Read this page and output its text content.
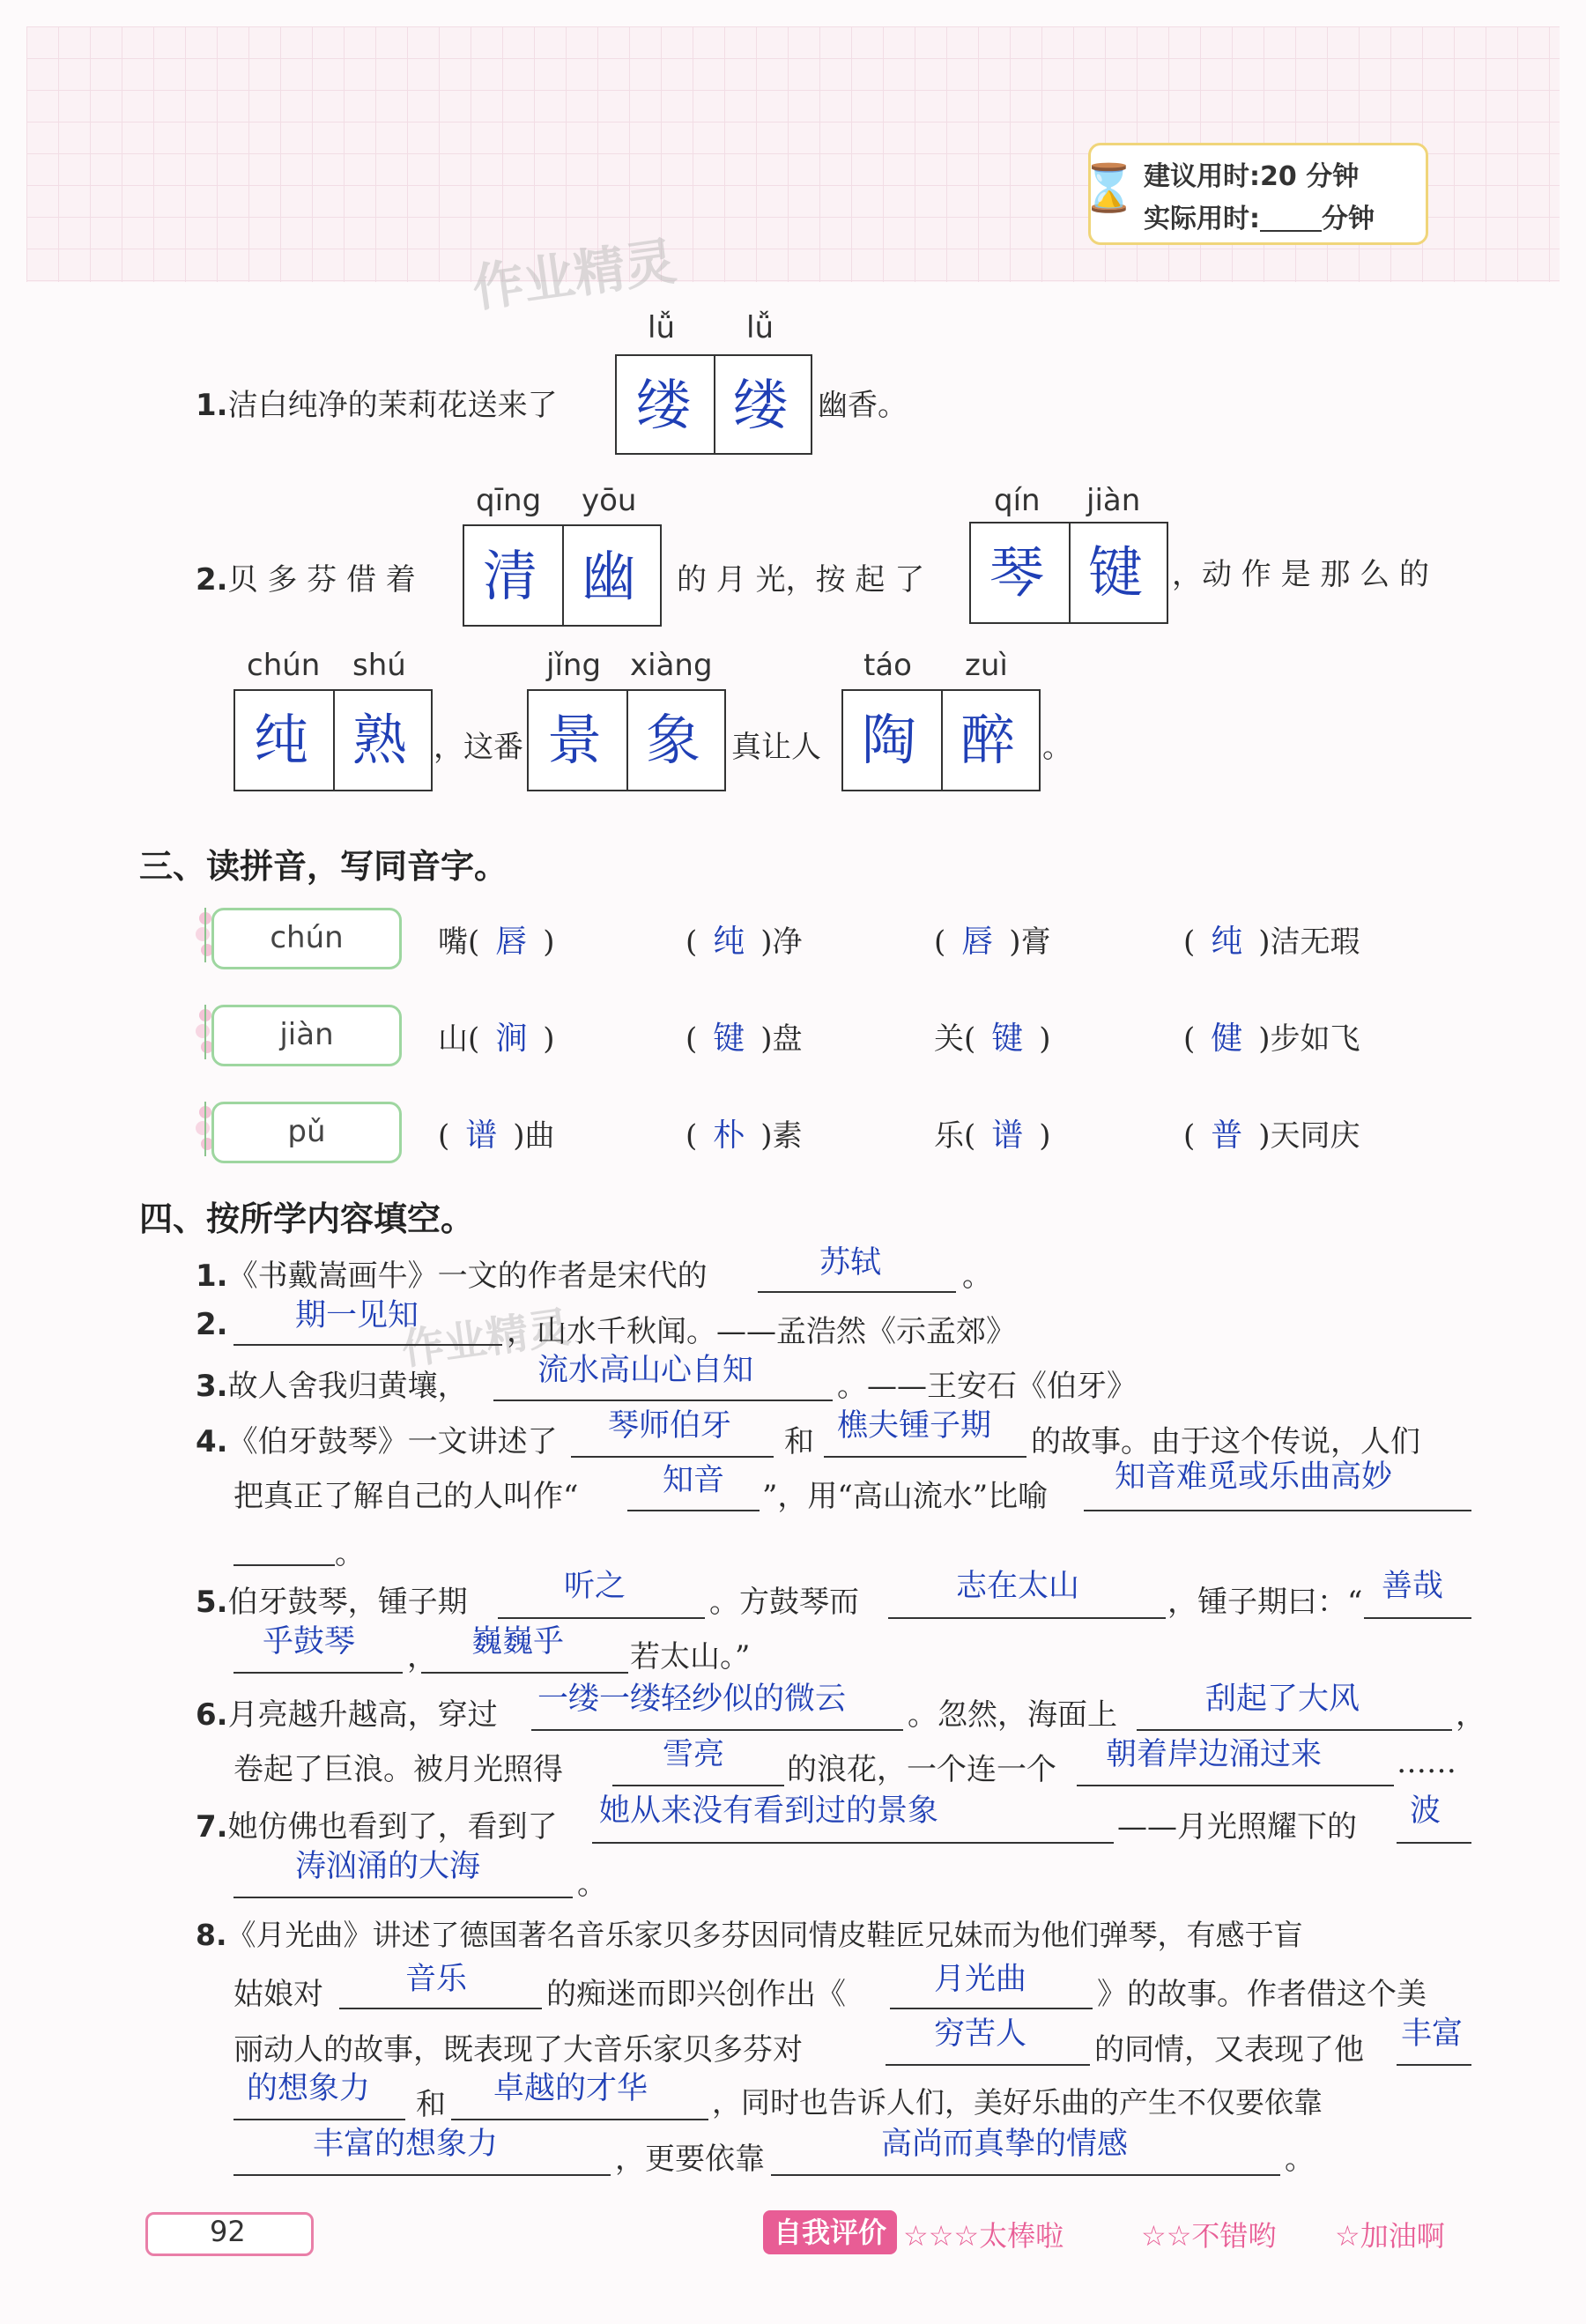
⌛ 建议用时:20 分钟
实际用时: 分钟
作业精灵
作业精灵
1.洁白纯净的茉莉花送来了
lǚ lǚ
缕 缕 幽香。
2.贝 多 芬 借 着
qīng yōu
清 幽 的 月 光，按 起 了
qín jiàn
琴 键 ，动 作 是 那 么 的
chún shú
纯 熟 ，这番
jǐng xiàng
景 象 真让人
táo zuì
陶 醉 。
三、读拼音，写同音字。
chún	嘴( 唇 )	( 纯 )净	( 唇 )膏	( 纯 )洁无瑕
jiàn	山( 涧 )	( 键 )盘	关( 键 )	( 健 )步如飞
pǔ	( 谱 )曲	( 朴 )素	乐( 谱 )	( 普 )天同庆
四、按所学内容填空。
1.《书戴嵩画牛》一文的作者是宋代的	苏轼	。
2. 期一见知	，山水千秋闻。——孟浩然《示孟郊》
3.故人舍我归黄壤， 流水高山心自知	。——王安石《伯牙》
4.《伯牙鼓琴》一文讲述了 琴师伯牙 和 樵夫锺子期 的故事。由于这个传说，人们
把真正了解自己的人叫作“	知音 ”，用“高山流水”比喻
知音难觅或乐曲高妙
。
5.伯牙鼓琴，锺子期	听之	。方鼓琴而	志在太山	，锺子期曰：“ 善哉
乎鼓琴 ， 巍巍乎 若太山。”
6.月亮越升越高，穿过 一缕一缕轻纱似的微云 。忽然，海面上	刮起了大风	，
卷起了巨浪。被月光照得	雪亮 的浪花，一个连一个 朝着岸边涌过来 ……
7.她仿佛也看到了，看到了 她从来没有看到过的景象	——月光照耀下的 波
涛汹涌的大海	。
8.《月光曲》讲述了德国著名音乐家贝多芬因同情皮鞋匠兄妹而为他们弹琴，有感于盲
姑娘对	音乐	的痴迷而即兴创作出《	月光曲 》的故事。作者借这个美
丽动人的故事，既表现了大音乐家贝多芬对	穷苦人 的同情，又表现了他 丰富
的想象力 和 卓越的才华 ，同时也告诉人们，美好乐曲的产生不仅要依靠
丰富的想象力	，更要依靠	高尚而真挚的情感	。
92	自我评价 ☆☆☆太棒啦	☆☆不错哟 ☆加油啊
